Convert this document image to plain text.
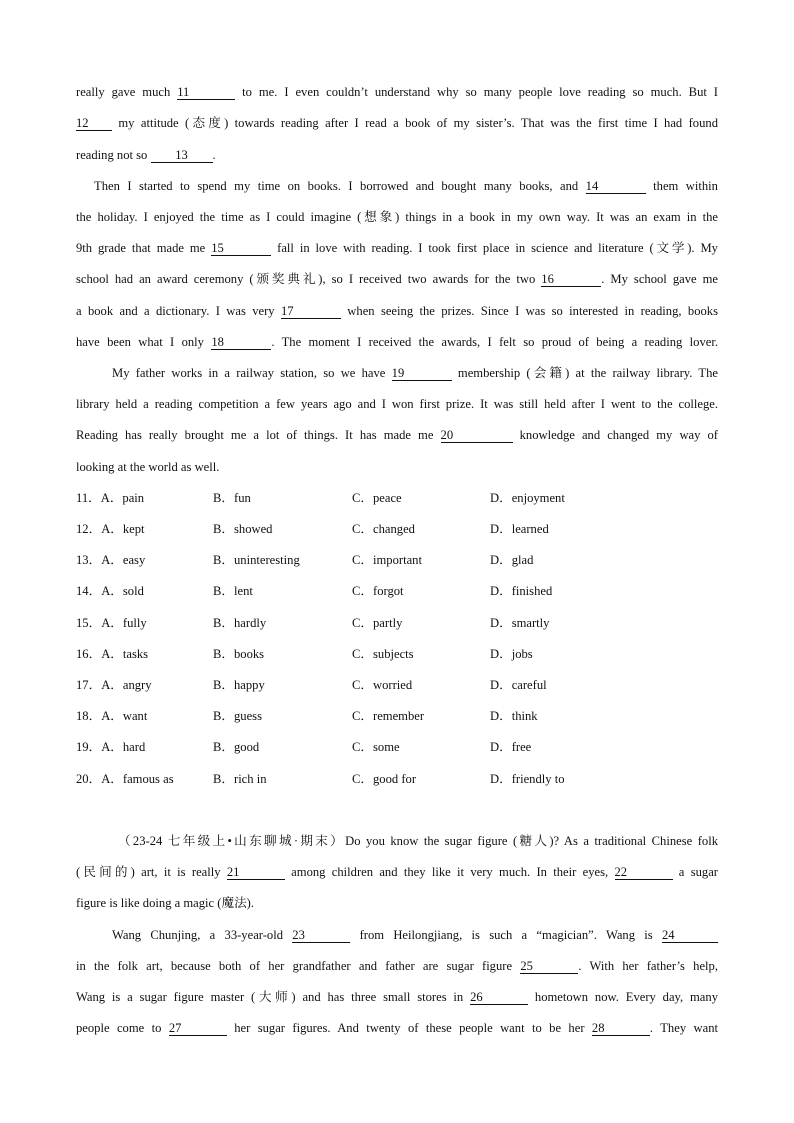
really gave much 11	to me. I even couldn’t understand why so many people love reading so much. But I
12 my attitude (态度) towards reading after I read a book of my sister’s. That was the first time I had found
reading not so 13 .
Then I started to spend my time on books. I borrowed and bought many books, and 14	them within
the holiday. I enjoyed the time as I could imagine (想象) things in a book in my own way. It was an exam in the
9th grade that made me 15	fall in love with reading. I took first place in science and literature (文学). My
school had an award ceremony (颁奖典礼), so I received two awards for the two 16	. My school gave me
a book and a dictionary. I was very 17	when seeing the prizes. Since I was so interested in reading, books
have been what I only 18	. The moment I received the awards, I felt so proud of being a reading lover.
My father works in a railway station, so we have 19	membership (会籍) at the railway library. The
library held a reading competition a few years ago and I won first prize. It was still held after I went to the college.
Reading has really brought me a lot of things. It has made me 20	knowledge and changed my way of
looking at the world as well.
11．A．pain	B．fun	C．peace	D．enjoyment
12．A．kept	B．showed	C．changed	D．learned
13．A．easy	B．uninteresting	C．important	D．glad
14．A．sold	B．lent	C．forgot	D．finished
15．A．fully	B．hardly	C．partly	D．smartly
16．A．tasks	B．books	C．subjects	D．jobs
17．A．angry	B．happy	C．worried	D．careful
18．A．want	B．guess	C．remember	D．think
19．A．hard	B．good	C．some	D．free
20．A．famous as	B．rich in	C．good for	D．friendly to
（23-24 七年级上•山东聊城·期末）Do you know the sugar figure (糖人)? As a traditional Chinese folk
(民间的) art, it is really 21	among children and they like it very much. In their eyes, 22	a sugar
figure is like doing a magic (魔法).
Wang Chunjing, a 33-year-old 23	from Heilongjiang, is such a “magician”. Wang is 24
in the folk art, because both of her grandfather and father are sugar figure 25	. With her father’s help,
Wang is a sugar figure master (大师) and has three small stores in 26	hometown now. Every day, many
people come to 27	her sugar figures. And twenty of these people want to be her 28	. They want
